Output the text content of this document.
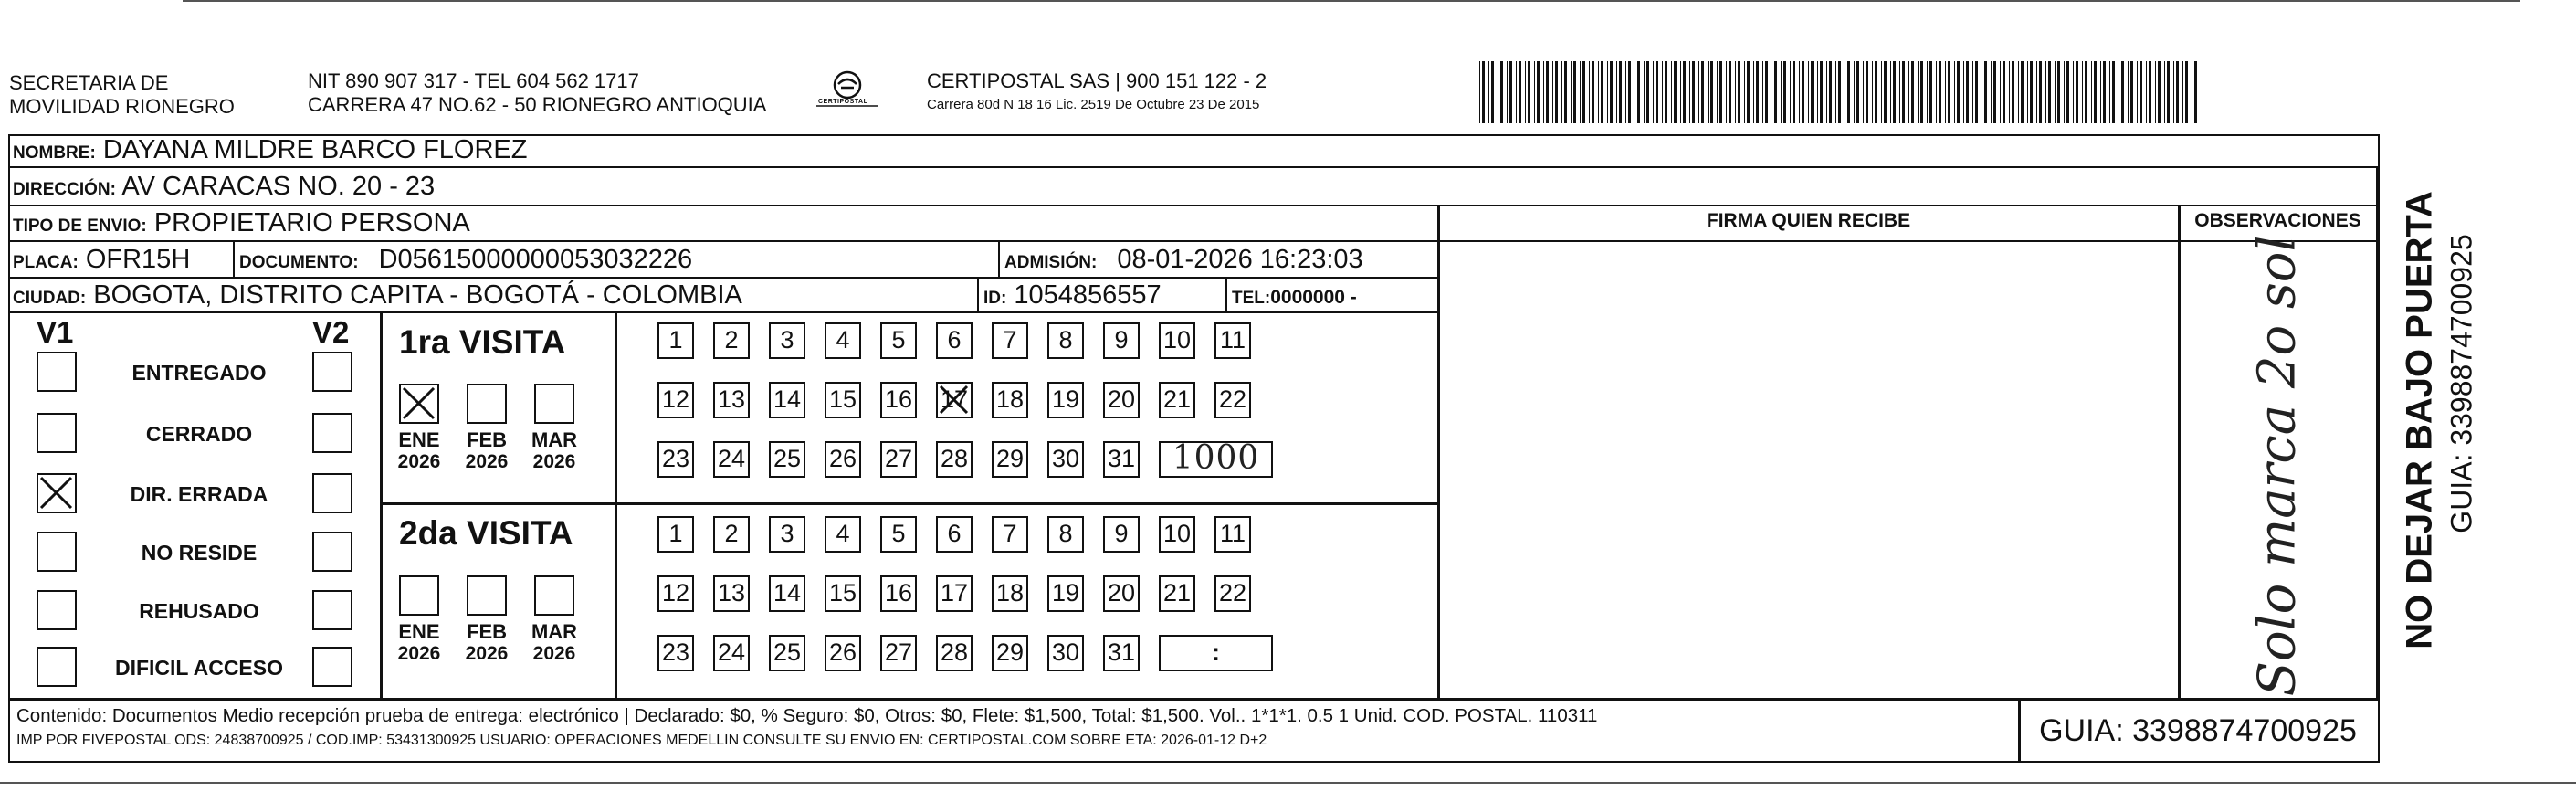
SECRETARIA DE
MOVILIDAD RIONEGRO
NIT 890 907 317 - TEL 604 562 1717
CARRERA 47 NO.62 - 50 RIONEGRO ANTIOQUIA	CERTIPOSTAL
CERTIPOSTAL SAS | 900 151 122 - 2
Carrera 80d N 18 16 Lic. 2519 De Octubre 23 De 2015
NOMBRE: DAYANA MILDRE BARCO FLOREZ
DIRECCIÓN: AV CARACAS NO. 20 - 23
TIPO DE ENVIO: PROPIETARIO PERSONA
PLACA: OFR15H	DOCUMENTO: D05615000000053032226	ADMISIÓN: 08-01-2026 16:23:03
CIUDAD: BOGOTA, DISTRITO CAPITA - BOGOTÁ - COLOMBIA	ID: 1054856557	TEL:0000000 -
FIRMA QUIEN RECIBE	OBSERVACIONES
V1	V2
ENTREGADO
CERRADO
DIR. ERRADA
NO RESIDE
REHUSADO
DIFICIL ACCESO
1ra VISITA
2da VISITA
ENE
2026
FEB
2026
MAR
2026
ENE
2026
FEB
2026
MAR
2026
1	2	3	4	5	6	7	8	9	10 11
12 13 14 15 16 17 18 19 20 21 22
23 24 25 26 27 28 29 30 31	1000
1	2	3	4	5	6	7	8	9	10 11
12 13 14 15 16 17 18 19 20 21 22
23 24 25 26 27 28 29 30 31	:	Solo marca 2o sol	NO DEJAR BAJO PUERTA GUIA: 3398874700925
Contenido: Documentos Medio recepción prueba de entrega: electrónico | Declarado: $0, % Seguro: $0, Otros: $0, Flete: $1,500, Total: $1,500. Vol.. 1*1*1. 0.5 1 Unid. COD. POSTAL. 110311
IMP POR FIVEPOSTAL ODS: 24838700925 / COD.IMP: 53431300925 USUARIO: OPERACIONES MEDELLIN CONSULTE SU ENVIO EN: CERTIPOSTAL.COM SOBRE ETA: 2026-01-12 D+2	GUIA: 3398874700925
